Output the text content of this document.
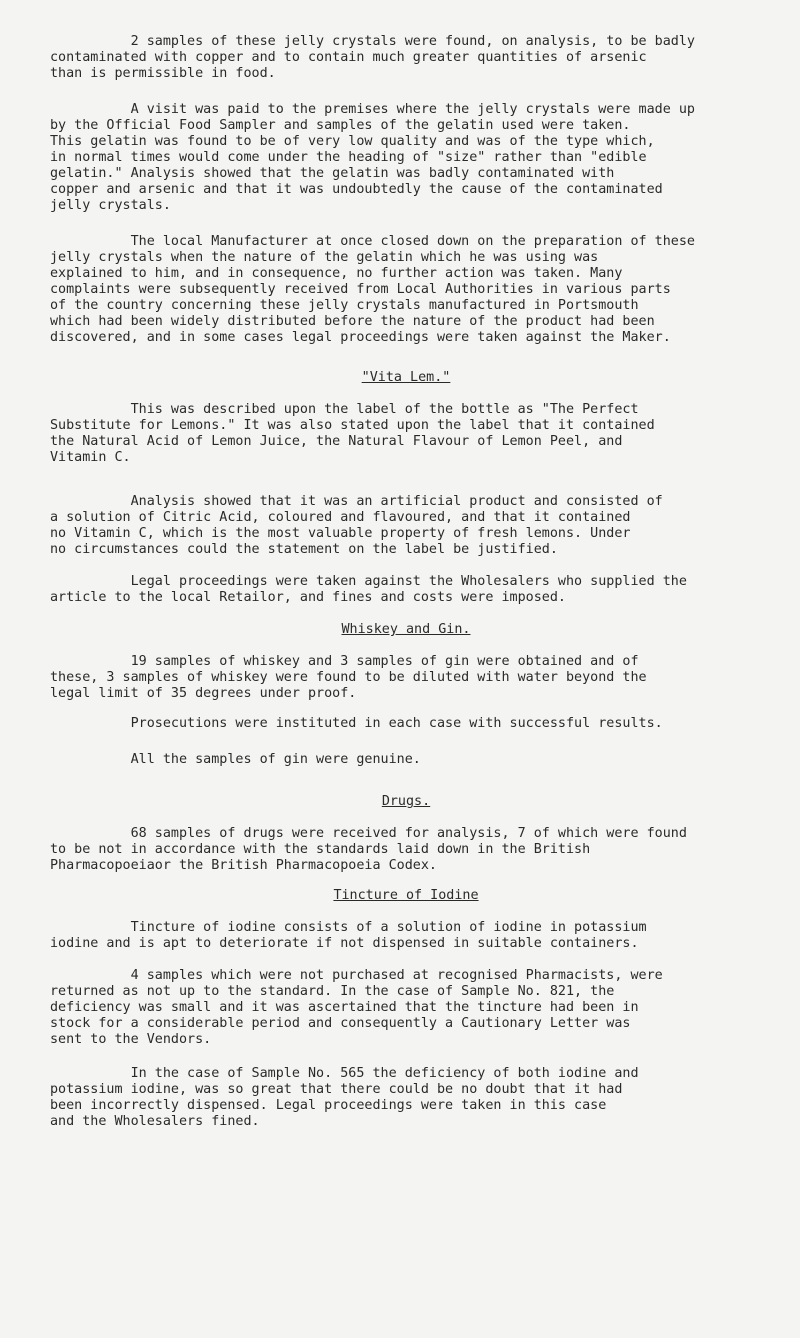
2 samples of these jelly crystals were found, on analysis, to be badly

contaminated with copper and to contain much greater quantities of arsenic

than is permissible in food.

A visit was paid to the premises where the jelly crystals were made up

by the Official Food Sampler and samples of the gelatin used were taken.

This gelatin was found to be of very low quality and was of the type which,

in normal times would come under the heading of "size" rather than "edible

gelatin." Analysis showed that the gelatin was badly contaminated with

copper and arsenic and that it was undoubtedly the cause of the contaminated

jelly crystals.

The local Manufacturer at once closed down on the preparation of these

jelly crystals when the nature of the gelatin which he was using was

explained to him, and in consequence, no further action was taken. Many

complaints were subsequently received from Local Authorities in various parts

of the country concerning these jelly crystals manufactured in Portsmouth

which had been widely distributed before the nature of the product had been

discovered, and in some cases legal proceedings were taken against the Maker.

"Vita Lem."

This was described upon the label of the bottle as "The Perfect

Substitute for Lemons." It was also stated upon the label that it contained

the Natural Acid of Lemon Juice, the Natural Flavour of Lemon Peel, and

Vitamin C.

Analysis showed that it was an artificial product and consisted of

a solution of Citric Acid, coloured and flavoured, and that it contained

no Vitamin C, which is the most valuable property of fresh lemons. Under

no circumstances could the statement on the label be justified.

Legal proceedings were taken against the Wholesalers who supplied the

article to the local Retailor, and fines and costs were imposed.

Whiskey and Gin.

19 samples of whiskey and 3 samples of gin were obtained and of

these, 3 samples of whiskey were found to be diluted with water beyond the

legal limit of 35 degrees under proof.

Prosecutions were instituted in each case with successful results.

All the samples of gin were genuine.

Drugs.

68 samples of drugs were received for analysis, 7 of which were found

to be not in accordance with the standards laid down in the British

Pharmacopoeiaor the British Pharmacopoeia Codex.

Tincture of Iodine

Tincture of iodine consists of a solution of iodine in potassium

iodine and is apt to deteriorate if not dispensed in suitable containers.

4 samples which were not purchased at recognised Pharmacists, were

returned as not up to the standard. In the case of Sample No. 821, the

deficiency was small and it was ascertained that the tincture had been in

stock for a considerable period and consequently a Cautionary Letter was

sent to the Vendors.

In the case of Sample No. 565 the deficiency of both iodine and

potassium iodine, was so great that there could be no doubt that it had

been incorrectly dispensed. Legal proceedings were taken in this case

and the Wholesalers fined.
